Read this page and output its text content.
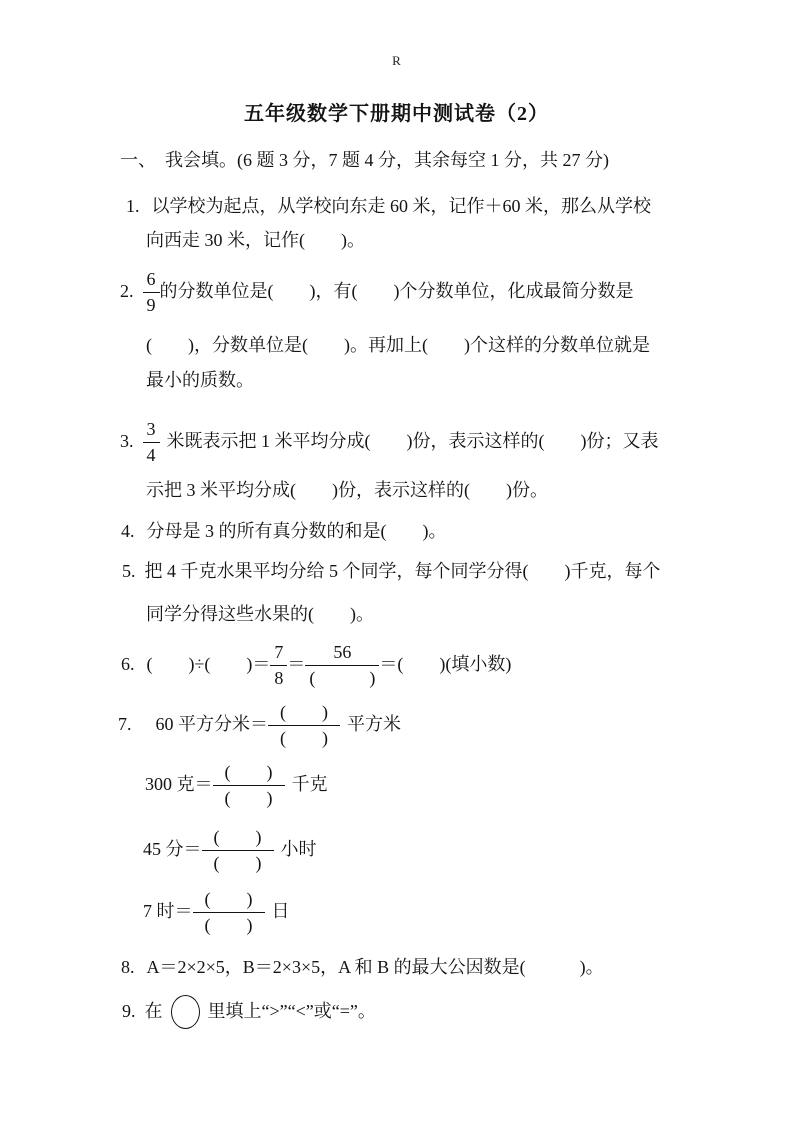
R
五年级数学下册期中测试卷（2）
一、　我会填。(6 题 3 分，7 题 4 分，其余每空 1 分，共 27 分)
1. 以学校为起点，从学校向东走 60 米，记作＋60 米，那么从学校
向西走 30 米，记作(　　)。
2. $\frac{6}{9}$ 的分数单位是(　　)，有(　　)个分数单位，化成最简分数是
(　　)，分数单位是(　　)。再加上(　　)个这样的分数单位就是
最小的质数。
3. $\frac{3}{4}$ 米既表示把 1 米平均分成(　　)份，表示这样的(　　)份；又表
示把 3 米平均分成(　　)份，表示这样的(　　)份。
4. 分母是 3 的所有真分数的和是(　　)。
5. 把 4 千克水果平均分给 5 个同学，每个同学分得(　　)千克，每个
同学分得这些水果的(　　)。
6. (　　)÷(　　)＝ $\frac{7}{8} = \frac{56}{( )}$ ＝(　　)(填小数)
7. 60 平方分米＝ $\frac{( )}{( )}$ 平方米
300 克＝ $\frac{( )}{( )}$ 千克
45 分＝ $\frac{( )}{( )}$ 小时
7 时＝ $\frac{( )}{( )}$ 日
8. A＝2×2×5，B＝2×3×5，A 和 B 的最大公因数是(　　　)。
9. 在	里填上“>”“<”或“=”。
